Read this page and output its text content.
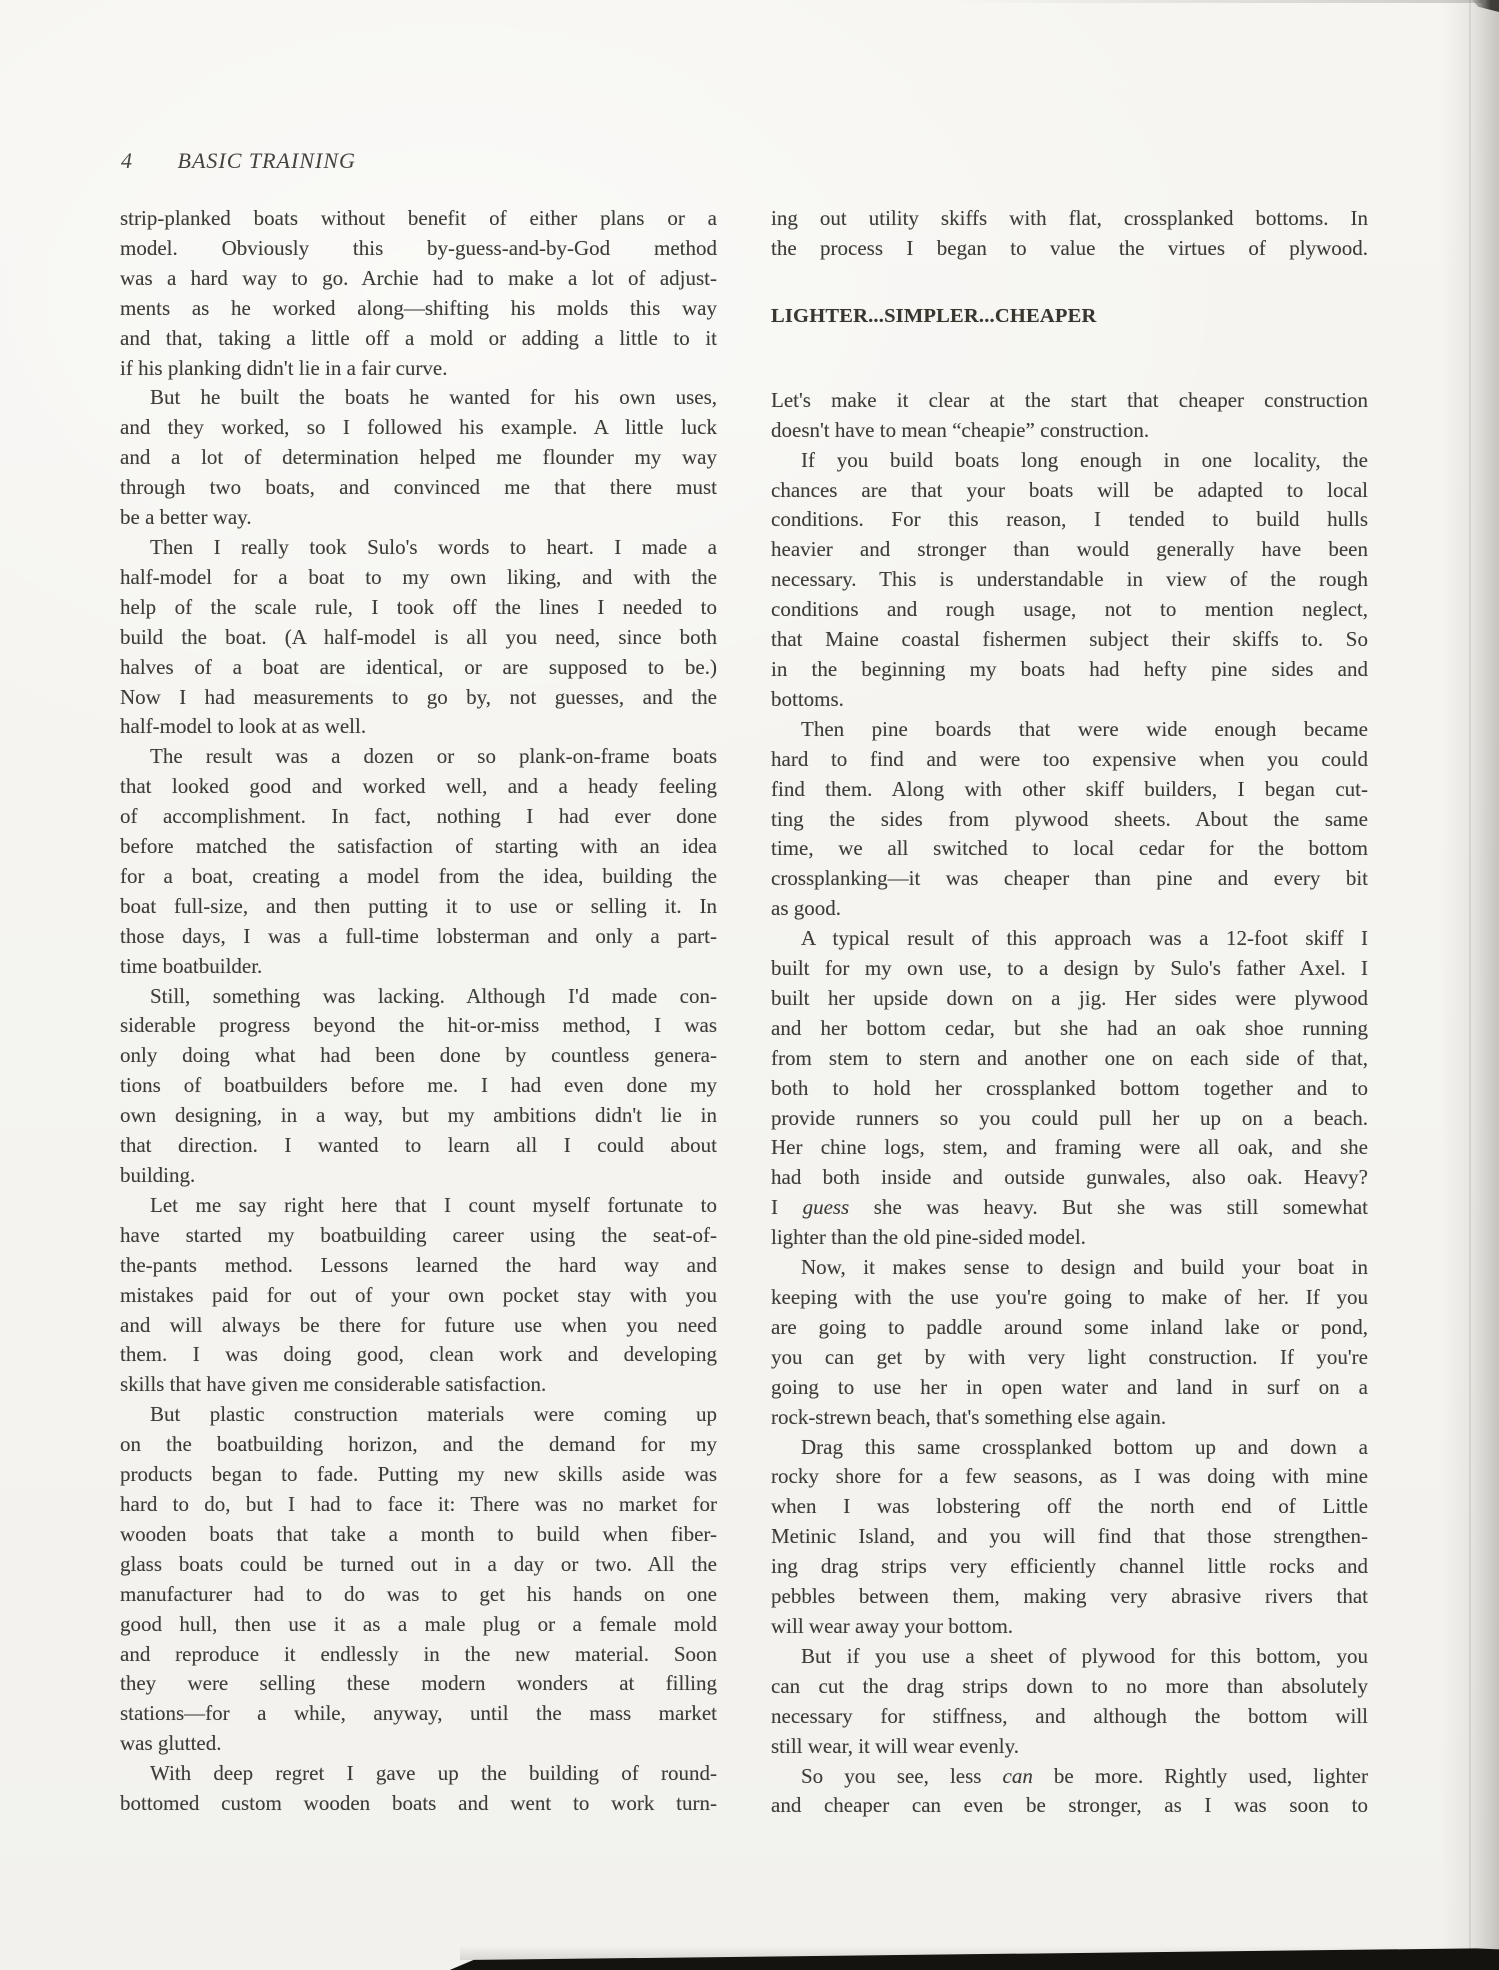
4 BASIC TRAINING
strip-planked boats without benefit of either plans or a
model. Obviously this by-guess-and-by-God method
was a hard way to go. Archie had to make a lot of adjust-
ments as he worked along—shifting his molds this way
and that, taking a little off a mold or adding a little to it
if his planking didn't lie in a fair curve.
But he built the boats he wanted for his own uses,
and they worked, so I followed his example. A little luck
and a lot of determination helped me flounder my way
through two boats, and convinced me that there must
be a better way.
Then I really took Sulo's words to heart. I made a
half-model for a boat to my own liking, and with the
help of the scale rule, I took off the lines I needed to
build the boat. (A half-model is all you need, since both
halves of a boat are identical, or are supposed to be.)
Now I had measurements to go by, not guesses, and the
half-model to look at as well.
The result was a dozen or so plank-on-frame boats
that looked good and worked well, and a heady feeling
of accomplishment. In fact, nothing I had ever done
before matched the satisfaction of starting with an idea
for a boat, creating a model from the idea, building the
boat full-size, and then putting it to use or selling it. In
those days, I was a full-time lobsterman and only a part-
time boatbuilder.
Still, something was lacking. Although I'd made con-
siderable progress beyond the hit-or-miss method, I was
only doing what had been done by countless genera-
tions of boatbuilders before me. I had even done my
own designing, in a way, but my ambitions didn't lie in
that direction. I wanted to learn all I could about
building.
Let me say right here that I count myself fortunate to
have started my boatbuilding career using the seat-of-
the-pants method. Lessons learned the hard way and
mistakes paid for out of your own pocket stay with you
and will always be there for future use when you need
them. I was doing good, clean work and developing
skills that have given me considerable satisfaction.
But plastic construction materials were coming up
on the boatbuilding horizon, and the demand for my
products began to fade. Putting my new skills aside was
hard to do, but I had to face it: There was no market for
wooden boats that take a month to build when fiber-
glass boats could be turned out in a day or two. All the
manufacturer had to do was to get his hands on one
good hull, then use it as a male plug or a female mold
and reproduce it endlessly in the new material. Soon
they were selling these modern wonders at filling
stations—for a while, anyway, until the mass market
was glutted.
With deep regret I gave up the building of round-
bottomed custom wooden boats and went to work turn-
ing out utility skiffs with flat, crossplanked bottoms. In
the process I began to value the virtues of plywood.
LIGHTER...SIMPLER...CHEAPER
Let's make it clear at the start that cheaper construction
doesn't have to mean “cheapie” construction.
If you build boats long enough in one locality, the
chances are that your boats will be adapted to local
conditions. For this reason, I tended to build hulls
heavier and stronger than would generally have been
necessary. This is understandable in view of the rough
conditions and rough usage, not to mention neglect,
that Maine coastal fishermen subject their skiffs to. So
in the beginning my boats had hefty pine sides and
bottoms.
Then pine boards that were wide enough became
hard to find and were too expensive when you could
find them. Along with other skiff builders, I began cut-
ting the sides from plywood sheets. About the same
time, we all switched to local cedar for the bottom
crossplanking—it was cheaper than pine and every bit
as good.
A typical result of this approach was a 12-foot skiff I
built for my own use, to a design by Sulo's father Axel. I
built her upside down on a jig. Her sides were plywood
and her bottom cedar, but she had an oak shoe running
from stem to stern and another one on each side of that,
both to hold her crossplanked bottom together and to
provide runners so you could pull her up on a beach.
Her chine logs, stem, and framing were all oak, and she
had both inside and outside gunwales, also oak. Heavy?
I guess she was heavy. But she was still somewhat
lighter than the old pine-sided model.
Now, it makes sense to design and build your boat in
keeping with the use you're going to make of her. If you
are going to paddle around some inland lake or pond,
you can get by with very light construction. If you're
going to use her in open water and land in surf on a
rock-strewn beach, that's something else again.
Drag this same crossplanked bottom up and down a
rocky shore for a few seasons, as I was doing with mine
when I was lobstering off the north end of Little
Metinic Island, and you will find that those strengthen-
ing drag strips very efficiently channel little rocks and
pebbles between them, making very abrasive rivers that
will wear away your bottom.
But if you use a sheet of plywood for this bottom, you
can cut the drag strips down to no more than absolutely
necessary for stiffness, and although the bottom will
still wear, it will wear evenly.
So you see, less can be more. Rightly used, lighter
and cheaper can even be stronger, as I was soon to
